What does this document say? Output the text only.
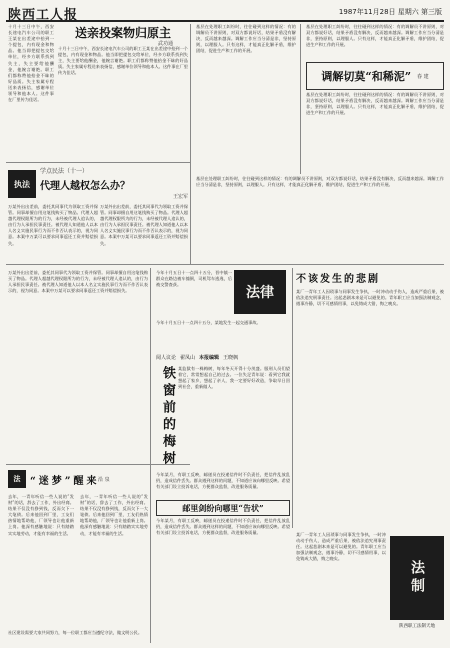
陕西工人报	1987年11月28日 星期六 第三版
十月十三日中午，西安长途电汽车公司的职工王某在出差途中拾到一个提包，内有现金和物品。他当即把提包交给单位，经多方联系找到失主，失主要给他酬金，他婉言谢绝。职工们都称赞他拾金不昧的好品质。失主家属专程送来表扬信，感谢单位领导和他本人。这件事在厂里传为佳话。
送亲投案物归原主
武功通
十月十三日中午，西安长途电汽车公司的职工王某在出差途中拾到一个提包，内有现金和物品。他当即把提包交给单位，经多方联系找到失主，失主要给他酬金，他婉言谢绝。职工们都称赞他拾金不昧的好品质。失主家属专程送来表扬信，感谢单位领导和他本人。这件事在厂里传为佳话。
基层在处理职工纠纷时，往往碰到这样的情况：有的调解员不讲原则，对双方都说好话，结果矛盾没有解决，反而越来越深。调解工作应当分清是非，坚持原则，以理服人。只有这样，才能真正化解矛盾，维护团结，促进生产和工作的开展。
基层在处理职工纠纷时，往往碰到这样的情况：有的调解员不讲原则，对双方都说好话，结果矛盾没有解决，反而越来越深。调解工作应当分清是非，坚持原则，以理服人。只有这样，才能真正化解矛盾，维护团结，促进生产和工作的开展。
调解切莫“和稀泥” 春 建
基层在处理职工纠纷时，往往碰到这样的情况：有的调解员不讲原则，对双方都说好话，结果矛盾没有解决，反而越来越深。调解工作应当分清是非，坚持原则，以理服人。只有这样，才能真正化解矛盾，维护团结，促进生产和工作的开展。
执法
学点民法（十一）
代理人越权怎么办？
王宏军
万某外出出差前，委托其同事代为领取工资并保管。同事却擅自用这笔钱购买了物品。代理人超越代理权限所为的行为，未经被代理人追认的，由行为人承担民事责任。被代理人知道他人以本人名义实施民事行为而不作否认表示的，视为同意。本案中万某可以要求同事返还工资并赔偿损失。
万某外出出差前，委托其同事代为领取工资并保管。同事却擅自用这笔钱购买了物品。代理人超越代理权限所为的行为，未经被代理人追认的，由行为人承担民事责任。被代理人知道他人以本人名义实施民事行为而不作否认表示的，视为同意。本案中万某可以要求同事返还工资并赔偿损失。
基层在处理职工纠纷时，往往碰到这样的情况：有的调解员不讲原则，对双方都说好话，结果矛盾没有解决，反而越来越深。调解工作应当分清是非，坚持原则，以理服人。只有这样，才能真正化解矛盾，维护团结，促进生产和工作的开展。
法 “迷梦”醒来
沿 泉
去年，一青年听信一些人说的“发财”的话，辞去了工作，外出经商。结果不仅没有挣到钱，反而欠下一大笔债。后来他回到厂里，工友们热情地帮助他，厂领导也让他重新上岗。他深有感触地说：只有踏踏实实地劳动，才能有幸福的生活。
去年，一青年听信一些人说的“发财”的话，辞去了工作，外出经商。结果不仅没有挣到钱，反而欠下一大笔债。后来他回到厂里，工友们热情地帮助他，厂领导也让他重新上岗。他深有感触地说：只有踏踏实实地劳动，才能有幸福的生活。
万某外出出差前，委托其同事代为领取工资并保管。同事却擅自用这笔钱购买了物品。代理人超越代理权限所为的行为，未经被代理人追认的，由行为人承担民事责任。被代理人知道他人以本人名义实施民事行为而不作否认表示的，视为同意。本案中万某可以要求同事返还工资并赔偿损失。
今年十月五日十一点四十五分，晋中镇一群众在路边被车撞倒，司机驾车逃逸，后被交警查获。
法律
今年十月五日十一点四十五分，某地发生一起交通事故。
阅人议论 翟凤山 本报编辑 王晓枫
铁窗前的梅树 某监狱有一株梅树，每年冬天开得十分茂盛。服刑人员们望着它，常常想起自己的过去。一位失足青年说：看到它我就想起了家乡，想起了亲人，我一定要好好改造，争取早日回到社会，重新做人。
不该发生的悲剧
某厂一青年工人因琐事与同事发生争执，一时冲动动手伤人，造成严重后果，被依法追究刑事责任。这起悲剧本来是可以避免的。青年职工应当加强法制观念，遇事冷静，切不可感情用事，以免铸成大错，悔之晚矣。
今年某月，有职工反映，邮递员在投递信件时不负责任，把信件乱放乱扔，造成信件丢失。群众遇到这样的问题，不知道应该向哪里反映。希望有关部门设立投诉电话，方便群众监督，改进服务质量。
邮里剑纷向哪里“告状”
今年某月，有职工反映，邮递员在投递信件时不负责任，把信件乱放乱扔，造成信件丢失。群众遇到这样的问题，不知道应该向哪里反映。希望有关部门设立投诉电话，方便群众监督，改进服务质量。	某厂一青年工人因琐事与同事发生争执，一时冲动动手伤人，造成严重后果，被依法追究刑事责任。这起悲剧本来是可以避免的。青年职工应当加强法制观念，遇事冷静，切不可感情用事，以免铸成大错，悔之晚矣。
法制
陕西职工法制天地
社区建设需要大家共同努力，每一位职工都应当遵纪守法，做文明公民。
